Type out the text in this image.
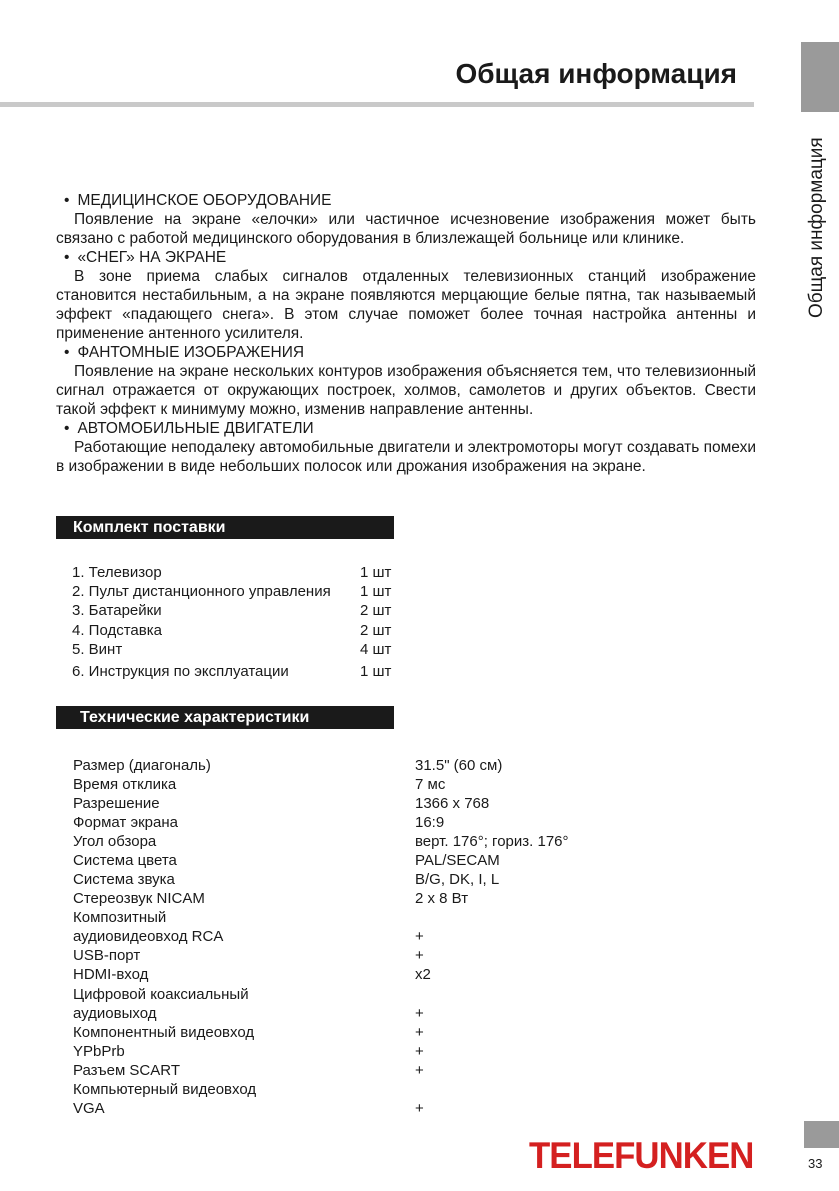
Общая информация
Общая информация

• МЕДИЦИНСКОЕ ОБОРУДОВАНИЕ
Появление на экране «елочки» или частичное исчезновение изображения может быть связано с работой медицинского оборудования в близлежащей больнице или клинике.

• «СНЕГ» НА ЭКРАНЕ
В зоне приема слабых сигналов отдаленных телевизионных станций изображение становится нестабильным, а на экране появляются мерцающие белые пятна, так называемый эффект «падающего снега». В этом случае поможет более точная настройка антенны и применение антенного усилителя.

• ФАНТОМНЫЕ ИЗОБРАЖЕНИЯ
Появление на экране нескольких контуров изображения объясняется тем, что телевизионный сигнал отражается от окружающих построек, холмов, самолетов и других объектов. Свести такой эффект к минимуму можно, изменив направление антенны.

• АВТОМОБИЛЬНЫЕ ДВИГАТЕЛИ
Работающие неподалеку автомобильные двигатели и электромоторы могут создавать помехи в изображении в виде небольших полосок или дрожания изображения на экране.

Комплект поставки
1. Телевизор	1 шт
2. Пульт дистанционного управления 1 шт
3. Батарейки	2 шт
4. Подставка	2 шт
5. Винт	4 шт
6. Инструкция по эксплуатации	1 шт
Технические характеристики
Размер (диагональ)	31.5" (60 см)
Время отклика	7 мс
Разрешение	1366 x 768
Формат экрана	16:9
Угол обзора	верт. 176°; гориз. 176°
Система цвета	PAL/SECAM
Система звука	B/G, DK, I, L
Стереозвук NICAM	2 x 8 Вт
Композитный
аудиовидеовход RCA	+
USB-порт	+
HDMI-вход	x2
Цифровой коаксиальный
аудиовыход	+
Компонентный видеовход	+
YPbPrb	+
Разъем SCART	+
Компьютерный видеовход
VGA	+
TELEFUNKEN	33
